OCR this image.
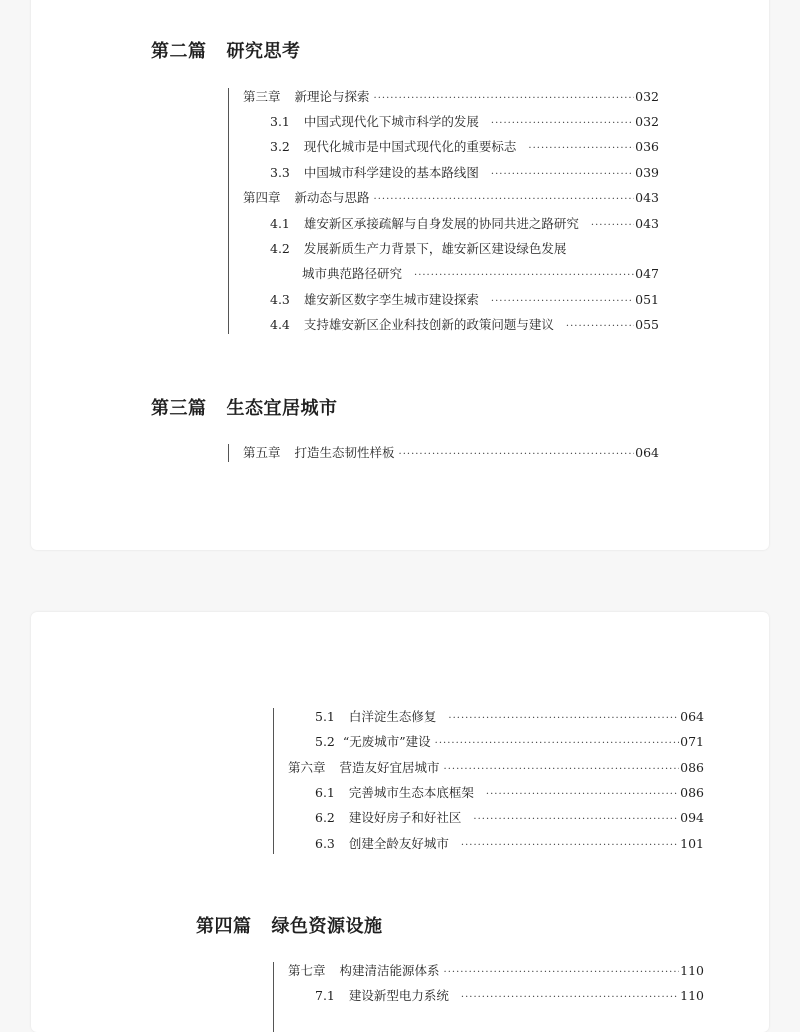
第二篇 研究思考
第三章 新理论与探索 ·····	032
3.1 中国式现代化下城市科学的发展 ·····	032
3.2 现代化城市是中国式现代化的重要标志 ·····	036
3.3 中国城市科学建设的基本路线图 ·····	039
第四章 新动态与思路 ·····	043
4.1 雄安新区承接疏解与自身发展的协同共进之路研究 ·····	043
4.2 发展新质生产力背景下，雄安新区建设绿色发展
城市典范路径研究 ·····	047
4.3 雄安新区数字孪生城市建设探索 ·····	051
4.4 支持雄安新区企业科技创新的政策问题与建议 ·····	055
第三篇 生态宜居城市
第五章 打造生态韧性样板 ·····	064
5.1 白洋淀生态修复 ·····	064
5.2 “无废城市”建设 ·····	071
第六章 营造友好宜居城市 ·····	086
6.1 完善城市生态本底框架 ·····	086
6.2 建设好房子和好社区 ·····	094
6.3 创建全龄友好城市 ·····	101
第四篇 绿色资源设施
第七章 构建清洁能源体系 ·····	110
7.1 建设新型电力系统 ·····	110
